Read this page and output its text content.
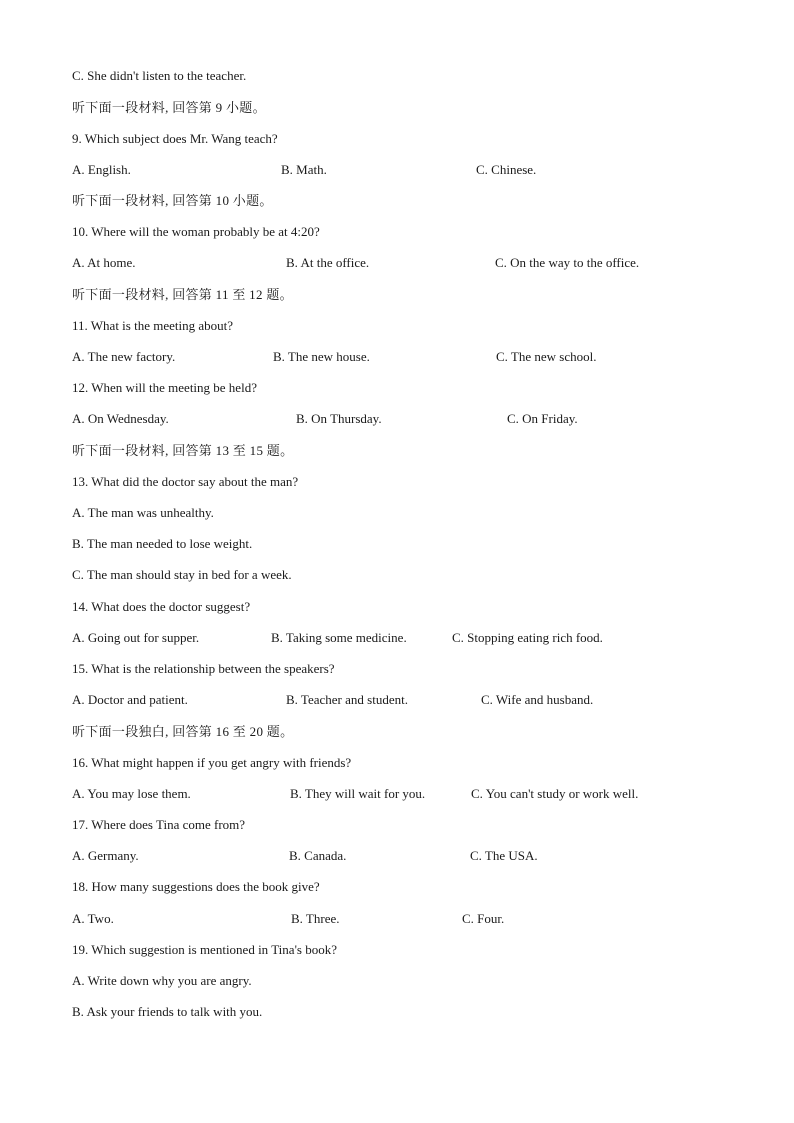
C. She didn't listen to the teacher.
听下面一段材料, 回答第 9 小题。
9. Which subject does Mr. Wang teach?
A. English.	B. Math.	C. Chinese.
听下面一段材料, 回答第 10 小题。
10. Where will the woman probably be at 4:20?
A. At home.	B. At the office.	C. On the way to the office.
听下面一段材料, 回答第 11 至 12 题。
11. What is the meeting about?
A. The new factory.	B. The new house.	C. The new school.
12. When will the meeting be held?
A. On Wednesday.	B. On Thursday.	C. On Friday.
听下面一段材料, 回答第 13 至 15 题。
13. What did the doctor say about the man?
A. The man was unhealthy.
B. The man needed to lose weight.
C. The man should stay in bed for a week.
14. What does the doctor suggest?
A. Going out for supper.	B. Taking some medicine.	C. Stopping eating rich food.
15. What is the relationship between the speakers?
A. Doctor and patient.	B. Teacher and student.	C. Wife and husband.
听下面一段独白, 回答第 16 至 20 题。
16. What might happen if you get angry with friends?
A. You may lose them.	B. They will wait for you.	C. You can't study or work well.
17. Where does Tina come from?
A. Germany.	B. Canada.	C. The USA.
18. How many suggestions does the book give?
A. Two.	B. Three.	C. Four.
19. Which suggestion is mentioned in Tina's book?
A. Write down why you are angry.
B. Ask your friends to talk with you.
